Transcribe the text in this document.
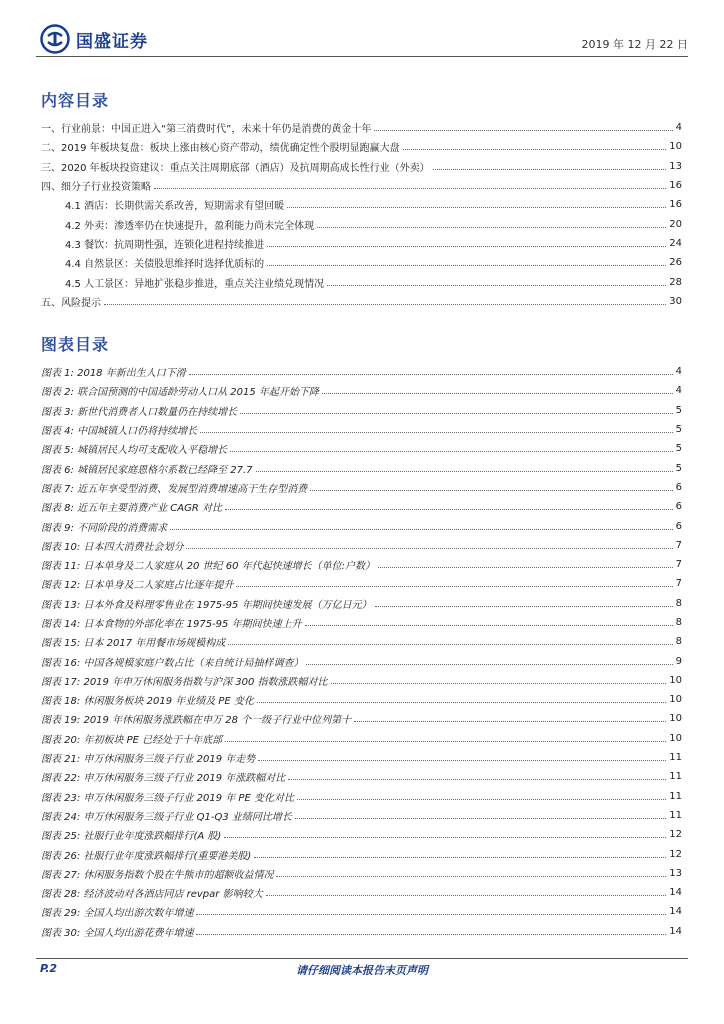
国盛证券	2019 年 12 月 22 日
内容目录
一、行业前景：中国正进入“第三消费时代”，未来十年仍是消费的黄金十年	4
二、2019 年板块复盘：板块上涨由核心资产带动，绩优确定性个股明显跑赢大盘	10
三、2020 年板块投资建议：重点关注周期底部（酒店）及抗周期高成长性行业（外卖）	13
四、细分子行业投资策略	16
4.1 酒店：长期供需关系改善，短期需求有望回暖	16
4.2 外卖：渗透率仍在快速提升，盈利能力尚未完全体现	20
4.3 餐饮：抗周期性强，连锁化进程持续推进	24
4.4 自然景区：关债股思维择时选择优质标的	26
4.5 人工景区：异地扩张稳步推进，重点关注业绩兑现情况	28
五、风险提示	30
图表目录
图表 1: 2018 年新出生人口下滑	4
图表 2: 联合国预测的中国适龄劳动人口从 2015 年起开始下降	4
图表 3: 新世代消费者人口数量仍在持续增长	5
图表 4: 中国城镇人口仍将持续增长	5
图表 5: 城镇居民人均可支配收入平稳增长	5
图表 6: 城镇居民家庭恩格尔系数已经降至 27.7	5
图表 7: 近五年享受型消费、发展型消费增速高于生存型消费	6
图表 8: 近五年主要消费产业 CAGR 对比	6
图表 9: 不同阶段的消费需求	6
图表 10: 日本四大消费社会划分	7
图表 11: 日本单身及二人家庭从 20 世纪 60 年代起快速增长（单位:户数）	7
图表 12: 日本单身及二人家庭占比逐年提升	7
图表 13: 日本外食及料理零售业在 1975-95 年期间快速发展（万亿日元）	8
图表 14: 日本食物的外部化率在 1975-95 年期间快速上升	8
图表 15: 日本 2017 年用餐市场规模构成	8
图表 16: 中国各规模家庭户数占比（来自统计局抽样调查）	9
图表 17: 2019 年申万休闲服务指数与沪深 300 指数涨跌幅对比	10
图表 18: 休闲服务板块 2019 年业绩及 PE 变化	10
图表 19: 2019 年休闲服务涨跌幅在申万 28 个一级子行业中位列第十	10
图表 20: 年初板块 PE 已经处于十年底部	10
图表 21: 申万休闲服务三级子行业 2019 年走势	11
图表 22: 申万休闲服务三级子行业 2019 年涨跌幅对比	11
图表 23: 申万休闲服务三级子行业 2019 年 PE 变化对比	11
图表 24: 申万休闲服务三级子行业 Q1-Q3 业绩同比增长	11
图表 25: 社服行业年度涨跌幅排行(A 股)	12
图表 26: 社服行业年度涨跌幅排行(重要港美股)	12
图表 27: 休闲服务指数个股在牛熊市的超额收益情况	13
图表 28: 经济波动对各酒店同店 revpar 影响较大	14
图表 29: 全国人均出游次数年增速	14
图表 30: 全国人均出游花费年增速	14
请仔细阅读本报告末页声明
P.2
